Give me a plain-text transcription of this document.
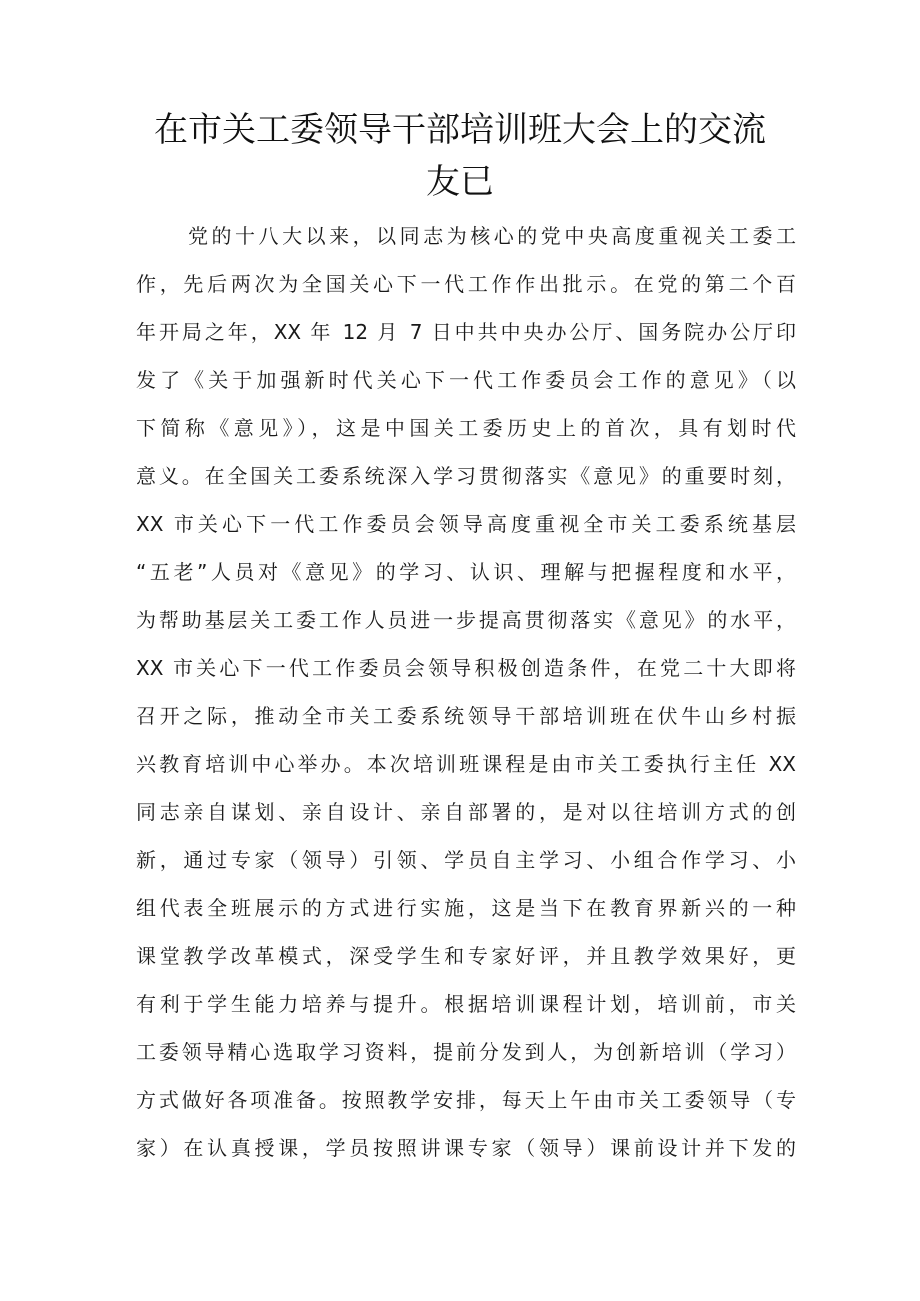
在市关工委领导干部培训班大会上的交流
友已
党的十八大以来，以同志为核心的党中央高度重视关工委工
作，先后两次为全国关心下一代工作作出批示。在党的第二个百
年开局之年，XX 年 12 月 7 日中共中央办公厅、国务院办公厅印
发了《关于加强新时代关心下一代工作委员会工作的意见》（以
下简称《意见》），这是中国关工委历史上的首次，具有划时代
意义。在全国关工委系统深入学习贯彻落实《意见》的重要时刻，
XX 市关心下一代工作委员会领导高度重视全市关工委系统基层
“五老”人员对《意见》的学习、认识、理解与把握程度和水平，
为帮助基层关工委工作人员进一步提高贯彻落实《意见》的水平，
XX 市关心下一代工作委员会领导积极创造条件，在党二十大即将
召开之际，推动全市关工委系统领导干部培训班在伏牛山乡村振
兴教育培训中心举办。本次培训班课程是由市关工委执行主任 XX
同志亲自谋划、亲自设计、亲自部署的，是对以往培训方式的创
新，通过专家（领导）引领、学员自主学习、小组合作学习、小
组代表全班展示的方式进行实施，这是当下在教育界新兴的一种
课堂教学改革模式，深受学生和专家好评，并且教学效果好，更
有利于学生能力培养与提升。根据培训课程计划，培训前，市关
工委领导精心选取学习资料，提前分发到人，为创新培训（学习）
方式做好各项准备。按照教学安排，每天上午由市关工委领导（专
家）在认真授课，学员按照讲课专家（领导）课前设计并下发的
